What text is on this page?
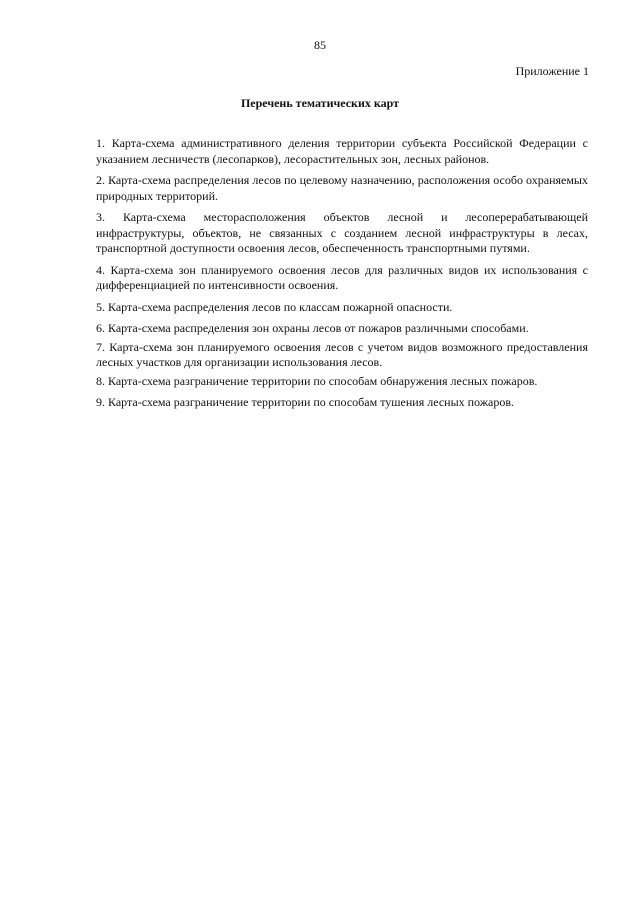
85
Приложение 1
Перечень тематических карт
1. Карта-схема административного деления территории субъекта Российской Федерации с указанием лесничеств (лесопарков), лесорастительных зон, лесных районов.
2. Карта-схема распределения лесов по целевому назначению, расположения особо охраняемых природных территорий.
3. Карта-схема месторасположения объектов лесной и лесоперерабатывающей инфраструктуры, объектов, не связанных с созданием лесной инфраструктуры в лесах, транспортной доступности освоения лесов, обеспеченность транспортными путями.
4. Карта-схема зон планируемого освоения лесов для различных видов их использования с дифференциацией по интенсивности освоения.
5. Карта-схема распределения лесов по классам пожарной опасности.
6. Карта-схема распределения зон охраны лесов от пожаров различными способами.
7. Карта-схема зон планируемого освоения лесов с учетом видов возможного предоставления лесных участков для организации использования лесов.
8. Карта-схема разграничение территории по способам обнаружения лесных пожаров.
9. Карта-схема разграничение территории по способам тушения лесных пожаров.
